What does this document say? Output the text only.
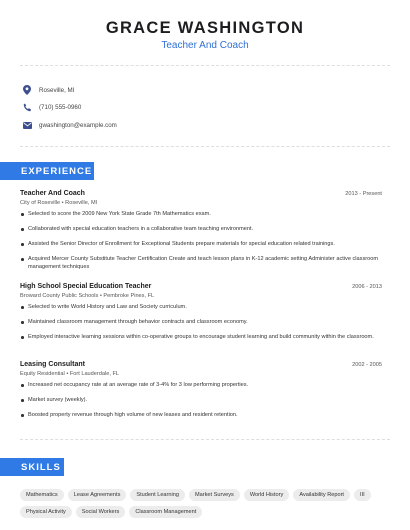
GRACE WASHINGTON
Teacher And Coach
Roseville, MI
(710) 555-0960
gwashington@example.com
EXPERIENCE
Teacher And Coach	2013 - Present
City of Roseville • Roseville, MI
Selected to score the 2009 New York State Grade 7th Mathematics exam.
Collaborated with special education teachers in a collaborative team teaching environment.
Assisted the Senior Director of Enrollment for Exceptional Students prepare materials for special education related trainings.
Acquired Mercer County Substitute Teacher Certification Create and teach lesson plans in K-12 academic setting Administer active classroom management techniques
High School Special Education Teacher	2006 - 2013
Broward County Public Schools • Pembroke Pines, FL
Selected to write World History and Law and Society curriculum.
Maintained classroom management through behavior contracts and classroom economy.
Employed interactive learning sessions within co-operative groups to encourage student learning and build community within the classroom.
Leasing Consultant	2002 - 2005
Equity Residential • Fort Lauderdale, FL
Increased net occupancy rate at an average rate of 3-4% for 3 low performing properties.
Market survey (weekly).
Boosted property revenue through high volume of new leases and resident retention.
SKILLS
Mathematics	Lease Agreements	Student Learning	Market Surveys	World History	Availability Report	III
Physical Activity	Social Workers	Classroom Management
